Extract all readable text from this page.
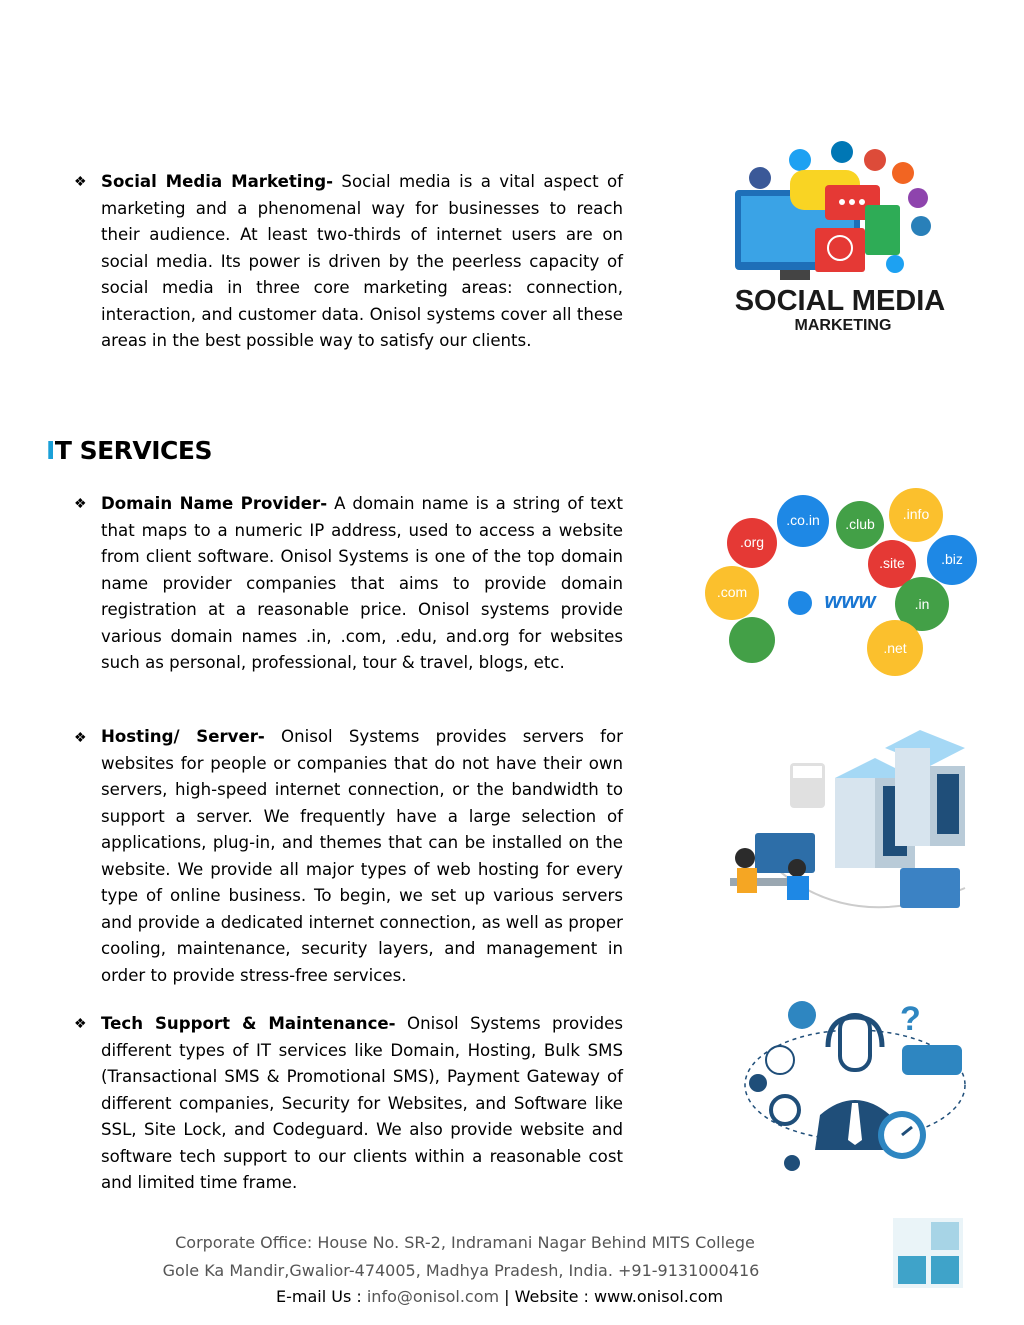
❖ Social Media Marketing- Social media is a vital aspect of marketing and a phenomenal way for businesses to reach their audience. At least two-thirds of internet users are on social media. Its power is driven by the peerless capacity of social media in three core marketing areas: connection, interaction, and customer data. Onisol systems cover all these areas in the best possible way to satisfy our clients.
SOCIAL MEDIA
MARKETING
IT SERVICES
❖ Domain Name Provider- A domain name is a string of text that maps to a numeric IP address, used to access a website from client software. Onisol Systems is one of the top domain name provider companies that aims to provide domain registration at a reasonable price. Onisol systems provide various domain names .in, .com, .edu, and.org for websites such as personal, professional, tour & travel, blogs, etc.
.co.in .club
.info
.org
.site	.biz
.com
.in
.net
www
❖ Hosting/ Server- Onisol Systems provides servers for websites for people or companies that do not have their own servers, high-speed internet connection, or the bandwidth to support a server. We frequently have a large selection of applications, plug-in, and themes that can be installed on the website. We provide all major types of web hosting for every type of online business. To begin, we set up various servers and provide a dedicated internet connection, as well as proper cooling, maintenance, security layers, and management in order to provide stress-free services.
❖ Tech Support & Maintenance- Onisol Systems provides different types of IT services like Domain, Hosting, Bulk SMS (Transactional SMS & Promotional SMS), Payment Gateway of different companies, Security for Websites, and Software like SSL, Site Lock, and Codeguard. We also provide website and software tech support to our clients within a reasonable cost and limited time frame.
?
Corporate Office: House No. SR-2, Indramani Nagar Behind MITS College
Gole Ka Mandir,Gwalior-474005, Madhya Pradesh, India. +91-9131000416
E-mail Us : info@onisol.com | Website : www.onisol.com
